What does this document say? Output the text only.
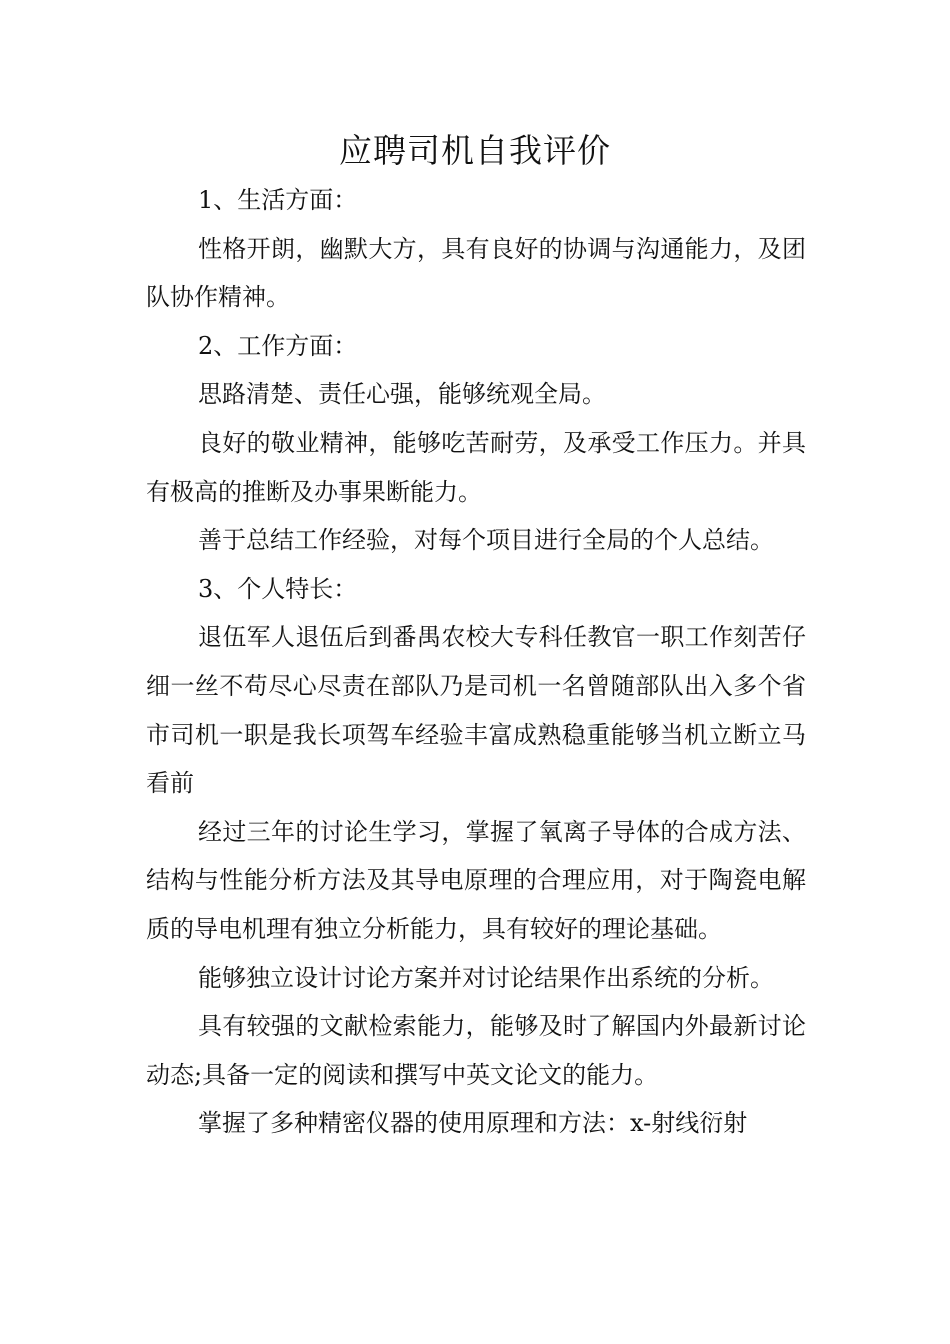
应聘司机自我评价

1、生活方面：

性格开朗，幽默大方，具有良好的协调与沟通能力，及团队协作精神。

2、工作方面：

思路清楚、责任心强，能够统观全局。

良好的敬业精神，能够吃苦耐劳，及承受工作压力。并具有极高的推断及办事果断能力。

善于总结工作经验，对每个项目进行全局的个人总结。

3、个人特长：

退伍军人退伍后到番禺农校大专科任教官一职工作刻苦仔细一丝不苟尽心尽责在部队乃是司机一名曾随部队出入多个省市司机一职是我长项驾车经验丰富成熟稳重能够当机立断立马看前

经过三年的讨论生学习，掌握了氧离子导体的合成方法、结构与性能分析方法及其导电原理的合理应用，对于陶瓷电解质的导电机理有独立分析能力，具有较好的理论基础。

能够独立设计讨论方案并对讨论结果作出系统的分析。

具有较强的文献检索能力，能够及时了解国内外最新讨论动态;具备一定的阅读和撰写中英文论文的能力。

掌握了多种精密仪器的使用原理和方法：x-射线衍射
